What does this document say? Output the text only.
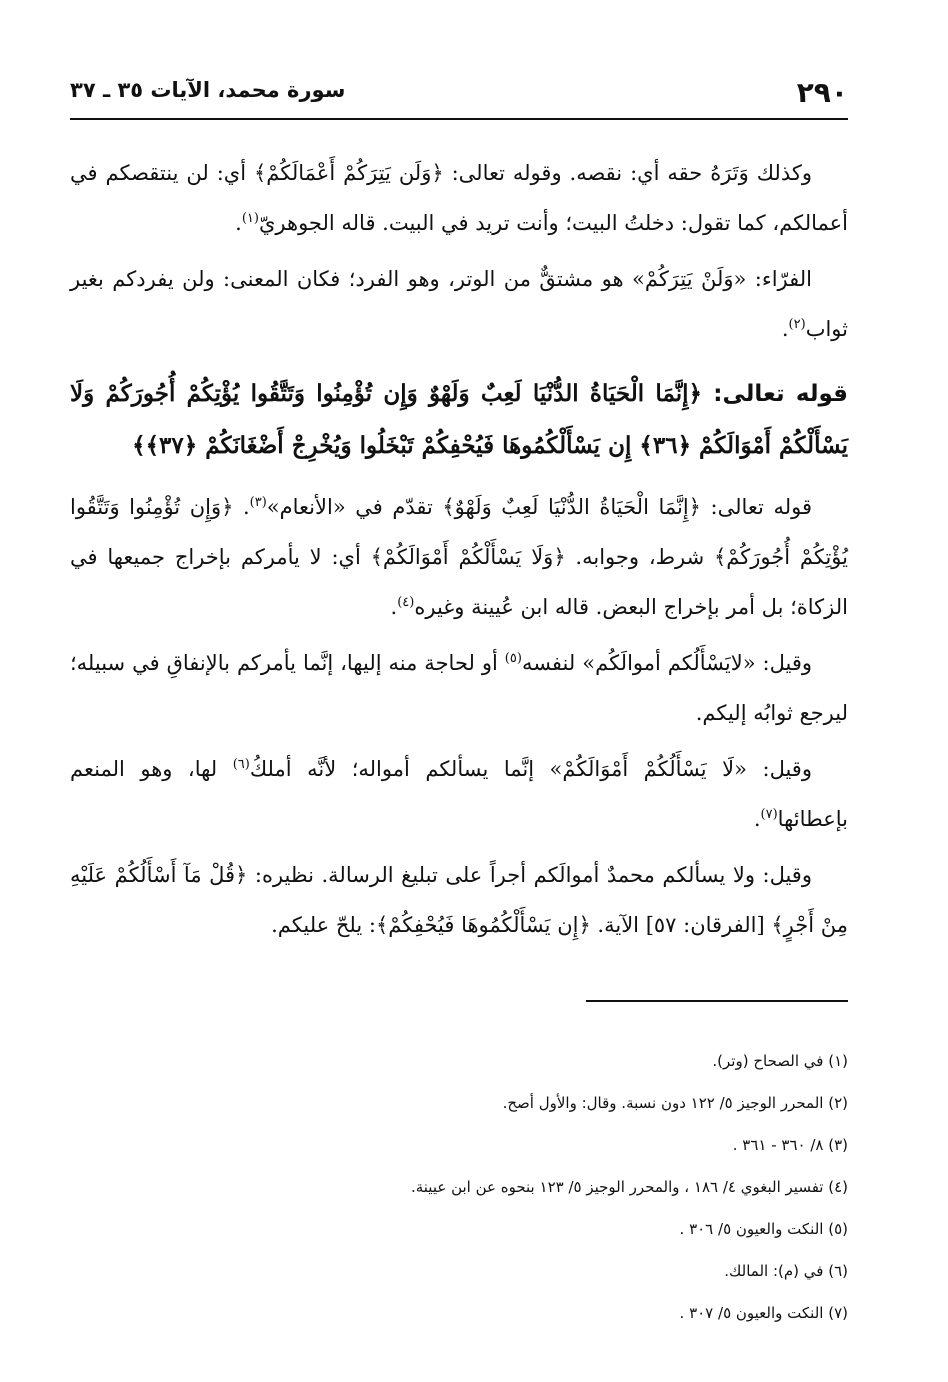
٢٩٠
سورة محمد، الآيات ٣٥ ـ ٣٧

وكذلك وَتَرَهُ حقه أي: نقصه. وقوله تعالى: ﴿وَلَن يَتِرَكُمْ أَعْمَالَكُمْ﴾ أي: لن ينتقصكم في أعمالكم، كما تقول: دخلتُ البيت؛ وأنت تريد في البيت. قاله الجوهريّ$^{(١)}$.

الفرّاء: «وَلَنْ يَتِرَكُمْ» هو مشتقٌّ من الوتر، وهو الفرد؛ فكان المعنى: ولن يفردكم بغير ثواب$^{(٢)}$.

قوله تعالى: ﴿إِنَّمَا الْحَيَاةُ الدُّنْيَا لَعِبٌ وَلَهْوٌ وَإِن تُؤْمِنُوا وَتَتَّقُوا يُؤْتِكُمْ أُجُورَكُمْ وَلَا يَسْأَلْكُمْ أَمْوَالَكُمْ ﴿٣٦﴾ إِن يَسْأَلْكُمُوهَا فَيُحْفِكُمْ تَبْخَلُوا وَيُخْرِجْ أَضْغَانَكُمْ ﴿٣٧﴾﴾

قوله تعالى: ﴿إِنَّمَا الْحَيَاةُ الدُّنْيَا لَعِبٌ وَلَهْوٌ﴾ تقدّم في «الأنعام»$^{(٣)}$. ﴿وَإِن تُؤْمِنُوا وَتَتَّقُوا يُؤْتِكُمْ أُجُورَكُمْ﴾ شرط، وجوابه. ﴿وَلَا يَسْأَلْكُمْ أَمْوَالَكُمْ﴾ أي: لا يأمركم بإخراج جميعها في الزكاة؛ بل أمر بإخراج البعض. قاله ابن عُيينة وغيره$^{(٤)}$.

وقيل: «لايَسْأَلُكم أموالَكُم» لنفسه$^{(٥)}$ أو لحاجة منه إليها، إنَّما يأمركم بالإنفاقِ في سبيله؛ ليرجع ثوابُه إليكم.

وقيل: «لَا يَسْأَلُكُمْ أَمْوَالَكُمْ» إنَّما يسألكم أمواله؛ لأنَّه أملكُ$^{(٦)}$ لها، وهو المنعم بإعطائها$^{(٧)}$.

وقيل: ولا يسألكم محمدٌ أموالَكم أجراً على تبليغ الرسالة. نظيره: ﴿قُلْ مَآ أَسْأَلُكُمْ عَلَيْهِ مِنْ أَجْرٍ﴾ [الفرقان: ٥٧] الآية. ﴿إِن يَسْأَلْكُمُوهَا فَيُحْفِكُمْ﴾: يلحّ عليكم.

(١) في الصحاح (وتر).

(٢) المحرر الوجيز ٥/ ١٢٢ دون نسبة. وقال: والأول أصح.

(٣) ٨/ ٣٦٠ - ٣٦١ .

(٤) تفسير البغوي ٤/ ١٨٦ ، والمحرر الوجيز ٥/ ١٢٣ بنحوه عن ابن عيينة.

(٥) النكت والعيون ٥/ ٣٠٦ .

(٦) في (م): المالك.

(٧) النكت والعيون ٥/ ٣٠٧ .
